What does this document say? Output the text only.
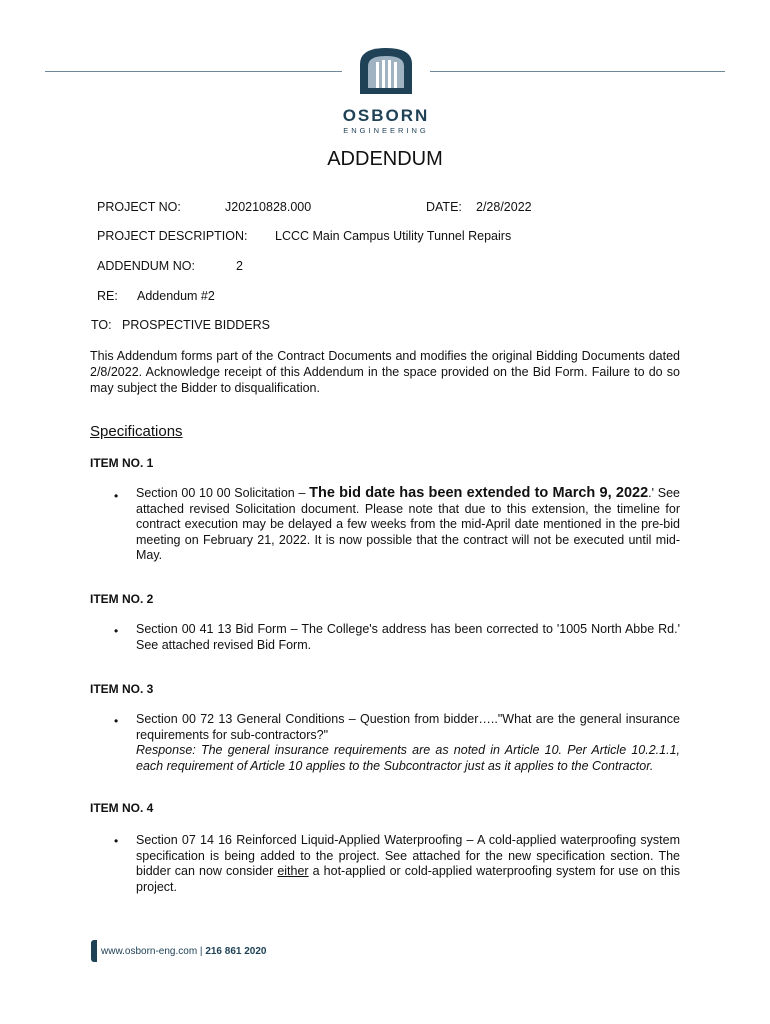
OSBORN
ENGINEERING
ADDENDUM
PROJECT NO:	J20210828.000	DATE: 2/28/2022
PROJECT DESCRIPTION: LCCC Main Campus Utility Tunnel Repairs
ADDENDUM NO:	2
RE: Addendum #2
TO:   PROSPECTIVE BIDDERS
This Addendum forms part of the Contract Documents and modifies the original Bidding Documents dated 2/8/2022. Acknowledge receipt of this Addendum in the space provided on the Bid Form. Failure to do so may subject the Bidder to disqualification.
Specifications
ITEM NO. 1
• Section 00 10 00 Solicitation – The bid date has been extended to March 9, 2022.' See attached revised Solicitation document. Please note that due to this extension, the timeline for contract execution may be delayed a few weeks from the mid-April date mentioned in the pre-bid meeting on February 21, 2022. It is now possible that the contract will not be executed until mid-May.
ITEM NO. 2
• Section 00 41 13 Bid Form – The College's address has been corrected to '1005 North Abbe Rd.' See attached revised Bid Form.
ITEM NO. 3
• Section 00 72 13 General Conditions – Question from bidder….."What are the general insurance requirements for sub-contractors?"
Response: The general insurance requirements are as noted in Article 10. Per Article 10.2.1.1, each requirement of Article 10 applies to the Subcontractor just as it applies to the Contractor.
ITEM NO. 4
• Section 07 14 16 Reinforced Liquid-Applied Waterproofing – A cold-applied waterproofing system specification is being added to the project. See attached for the new specification section. The bidder can now consider either a hot-applied or cold-applied waterproofing system for use on this project.
www.osborn-eng.com | 216 861 2020
